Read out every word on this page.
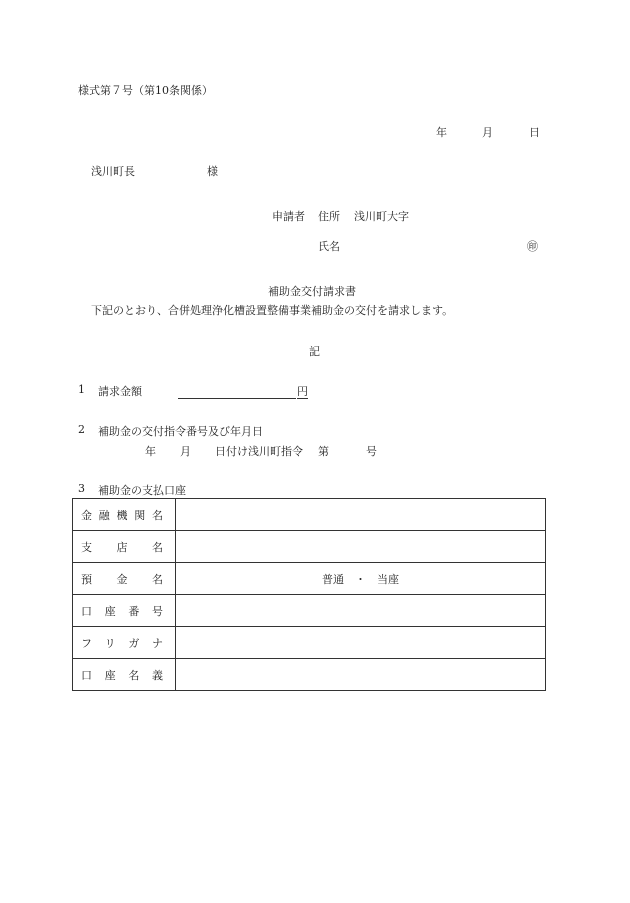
様式第７号（第10条関係）
年	月	日
浅川町長	様
申請者 住所 浅川町大字
氏名	㊞
補助金交付請求書
下記のとおり、合併処理浄化槽設置整備事業補助金の交付を請求します。
記
1 請求金額	円
2 補助金の交付指令番号及び年月日
年 月 日付け浅川町指令 第	号
3 補助金の支払口座
金 融 機 関 名	

支 店 名	

預 金 名	普通　・　当座

口 座 番 号	

フ リ ガ ナ	

口 座 名 義	
